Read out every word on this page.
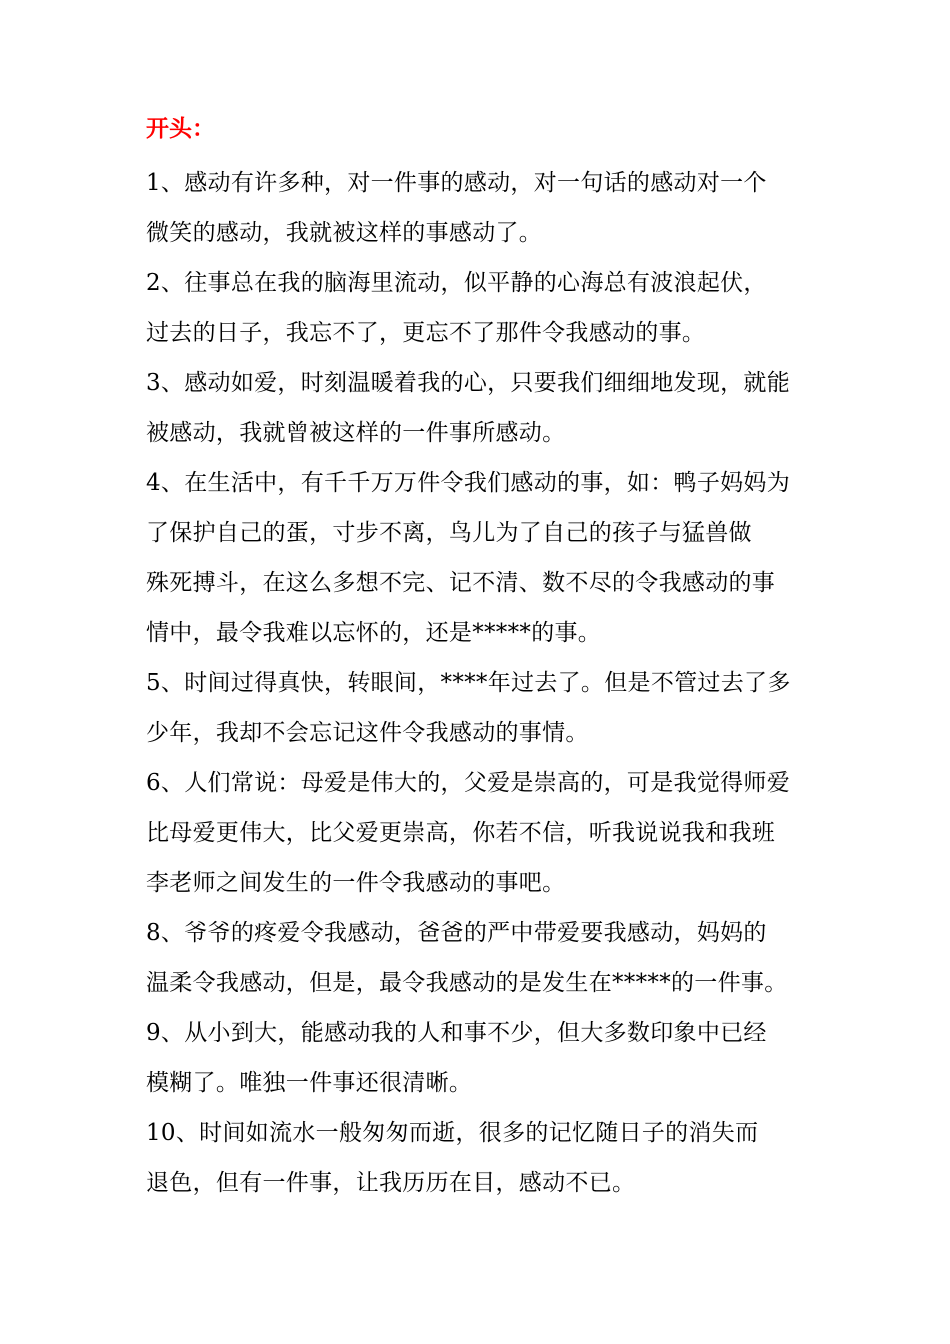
开头：
1、感动有许多种，对一件事的感动，对一句话的感动对一个
微笑的感动，我就被这样的事感动了。
2、往事总在我的脑海里流动，似平静的心海总有波浪起伏，
过去的日子，我忘不了，更忘不了那件令我感动的事。
3、感动如爱，时刻温暖着我的心，只要我们细细地发现，就能
被感动，我就曾被这样的一件事所感动。
4、在生活中，有千千万万件令我们感动的事，如：鸭子妈妈为
了保护自己的蛋，寸步不离，鸟儿为了自己的孩子与猛兽做
殊死搏斗，在这么多想不完、记不清、数不尽的令我感动的事
情中，最令我难以忘怀的，还是*****的事。
5、时间过得真快，转眼间，****年过去了。但是不管过去了多
少年，我却不会忘记这件令我感动的事情。
6、人们常说：母爱是伟大的，父爱是崇高的，可是我觉得师爱
比母爱更伟大，比父爱更崇高，你若不信，听我说说我和我班
李老师之间发生的一件令我感动的事吧。
8、爷爷的疼爱令我感动，爸爸的严中带爱要我感动，妈妈的
温柔令我感动，但是，最令我感动的是发生在*****的一件事。
9、从小到大，能感动我的人和事不少，但大多数印象中已经
模糊了。唯独一件事还很清晰。
10、时间如流水一般匆匆而逝，很多的记忆随日子的消失而
退色，但有一件事，让我历历在目，感动不已。
